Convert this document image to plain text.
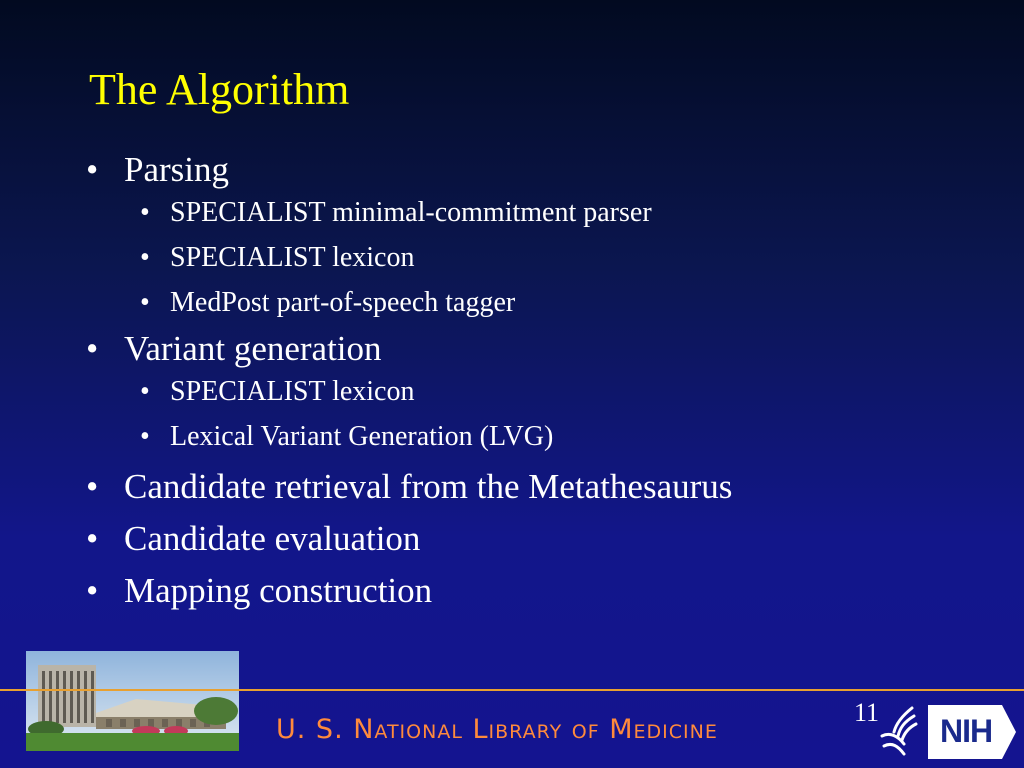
The Algorithm
• Parsing
• SPECIALIST minimal-commitment parser
• SPECIALIST lexicon
• MedPost part-of-speech tagger
• Variant generation
• SPECIALIST lexicon
• Lexical Variant Generation (LVG)
• Candidate retrieval from the Metathesaurus
• Candidate evaluation
• Mapping construction
U. S. National Library of Medicine
11
NIH
